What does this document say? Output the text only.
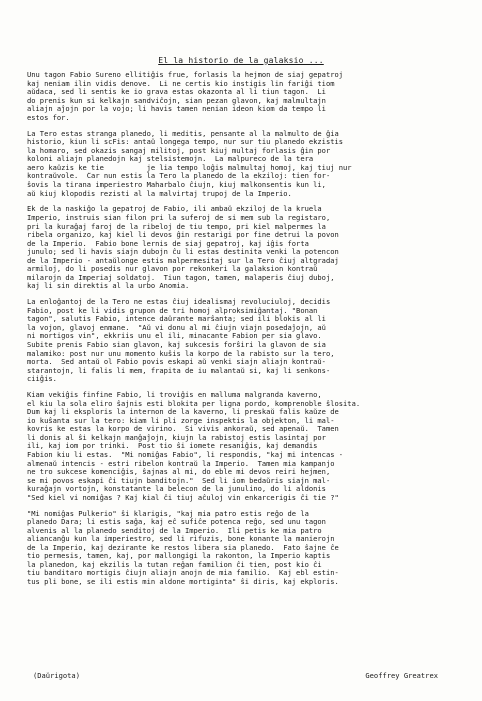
El la historio de la galaksio ...
Unu tagon Fabio Sureno ellitiĝis frue, forlasis la hejmon de siaj gepatroj
kaj neniam ilin vidis denove.  Li ne certis kio instigis lin fariĝi tiom
aŭdaca, sed li sentis ke io grava estas okazonta al li tiun tagon.  Li
do prenis kun si kelkajn sandviĉojn, sian pezan glavon, kaj malmultajn
aliajn aĵojn por la vojo; li havis tamen nenian ideon kiom da tempo li
estos for.
La Tero estas stranga planedo, li meditis, pensante al la malmulto de ĝia
historio, kiun li scFis: antaŭ longega tempo, nur sur tiu planedo ekzistis
la homaro, sed okazis sangaj militoj, post kiuj multaj forlasis ĝin por
koloni aliajn planedojn kaj stelsistemojn.  La malpureco de la tera
aero kaŭzis ke tie          je lia tempo loĝis malmultaj homoj, kaj tiuj nur
kontraŭvole.  Ĉar nun estis la Tero la planedo de la ekziloj: tien for-
ŝovis la tirana imperiestro Maharbalo ĉiujn, kiuj malkonsentis kun li,
aŭ kiuj klopodis rezisti al la malvirtaj trupoj de la Imperio.
Ek de la naskiĝo la gepatroj de Fabio, ili ambaŭ ekziloj de la kruela
Imperio, instruis sian filon pri la suferoj de si mem sub la registaro,
pri la kuraĝaj faroj de la ribeloj de tiu tempo, pri kiel malpermes la
ribela organizo, kaj kiel li devos ĝin restarigi por fine detrui la povon
de la Imperio.  Fabio bone lernis de siaj gepatroj, kaj iĝis forta
junulo; sed li havis siajn dubojn ĉu li estas destinita venki la potencon
de la Imperio - antaŭlonge estis malpermesitaj sur la Tero ĉiuj altgradaj
armiloj, do li posedis nur glavon por rekonkeri la galaksion kontraŭ
milarojn da Imperiaj soldatoj.  Tiun tagon, tamen, malaperis ĉiuj duboj,
kaj li sin direktis al la urbo Anomia.
La enloĝantoj de la Tero ne estas ĉiuj idealismaj revoluciuloj, decidis
Fabio, post ke li vidis grupon de tri homoj alproksimiĝantaj. "Bonan
tagon", salutis Fabio, intence daŭrante marŝanta; sed ili blokis al li
la vojon, glavoj enmane.  "Aŭ vi donu al mi ĉiujn viajn posedaĵojn, aŭ
ni mortigos vin", ekkriis unu el ili, minacante Fabion per sia glavo.
Subite prenis Fabio sian glavon, kaj sukcesis forŝiri la glavon de sia
malamiko: post nur unu momento kuŝis la korpo de la rabisto sur la tero,
morta.  Sed antaŭ ol Fabio povis eskapi aŭ venki siajn aliajn kontraŭ-
starantojn, li falis li mem, frapita de iu malantaŭ si, kaj li senkons-
ciiĝis.
Kiam vekiĝis finfine Fabio, li troviĝis en malluma malgranda kaverno,
el kiu la sola eliro ŝajnis esti blokita per ligna pordo, komprenoble ŝlosita.
Dum kaj li eksploris la internon de la kaverno, li preskaŭ falis kaŭze de
io kuŝanta sur la tero: kiam li pli zorge inspektis la objekton, li mal-
kovris ke estas la korpo de virino.  Ŝi vivis ankoraŭ, sed apenaŭ.  Tamen
li donis al ŝi kelkajn manĝaĵojn, kiujn la rabistoj estis lasintaj por
ili, kaj iom por trinki.  Post tio ŝi iomete resaniĝis, kaj demandis
Fabion kiu li estas.  "Mi nomiĝas Fabio", li respondis, "kaj mi intencas -
almenaŭ intencis - estri ribelon kontraŭ la Imperio.  Tamen mia kampanjo
ne tro sukcese komenciĝis, ŝajnas al mi, do eble mi devos reiri hejmen,
se mi povos eskapi ĉi tiujn banditojn."  Sed li iom bedaŭris siajn mal-
kuraĝajn vortojn, konstatante la belecon de la junulino, do li aldonis
"Sed kiel vi nomiĝas ? Kaj kial ĉi tiuj aĉuloj vin enkarcerigis ĉi tie ?"
"Mi nomiĝas Pulkerio" ŝi klarigis, "kaj mia patro estis reĝo de la
planedo Dara; li estis saĝa, kaj eĉ sufiĉe potenca reĝo, sed unu tagon
alvenis al la planedo senditoj de la Imperio.  Ili petis ke mia patro
aliancanĝu kun la imperiestro, sed li rifuzis, bone konante la manierojn
de la Imperio, kaj dezirante ke restos libera sia planedo.  Fato ŝajne ĉe
tio permesis, tamen, kaj, por mallongigi la rakonton, la Imperio kaptis
la planedon, kaj ekzilis la tutan reĝan familion ĉi tien, post kio ĉi
tiu banditaro mortigis ĉiujn aliajn anojn de mia familio.  Kaj ebl estin-
tus pli bone, se ili estis min aldone mortiginta" ŝi diris, kaj ekploris.
(Daŭrigota)	Geoffrey Greatrex
